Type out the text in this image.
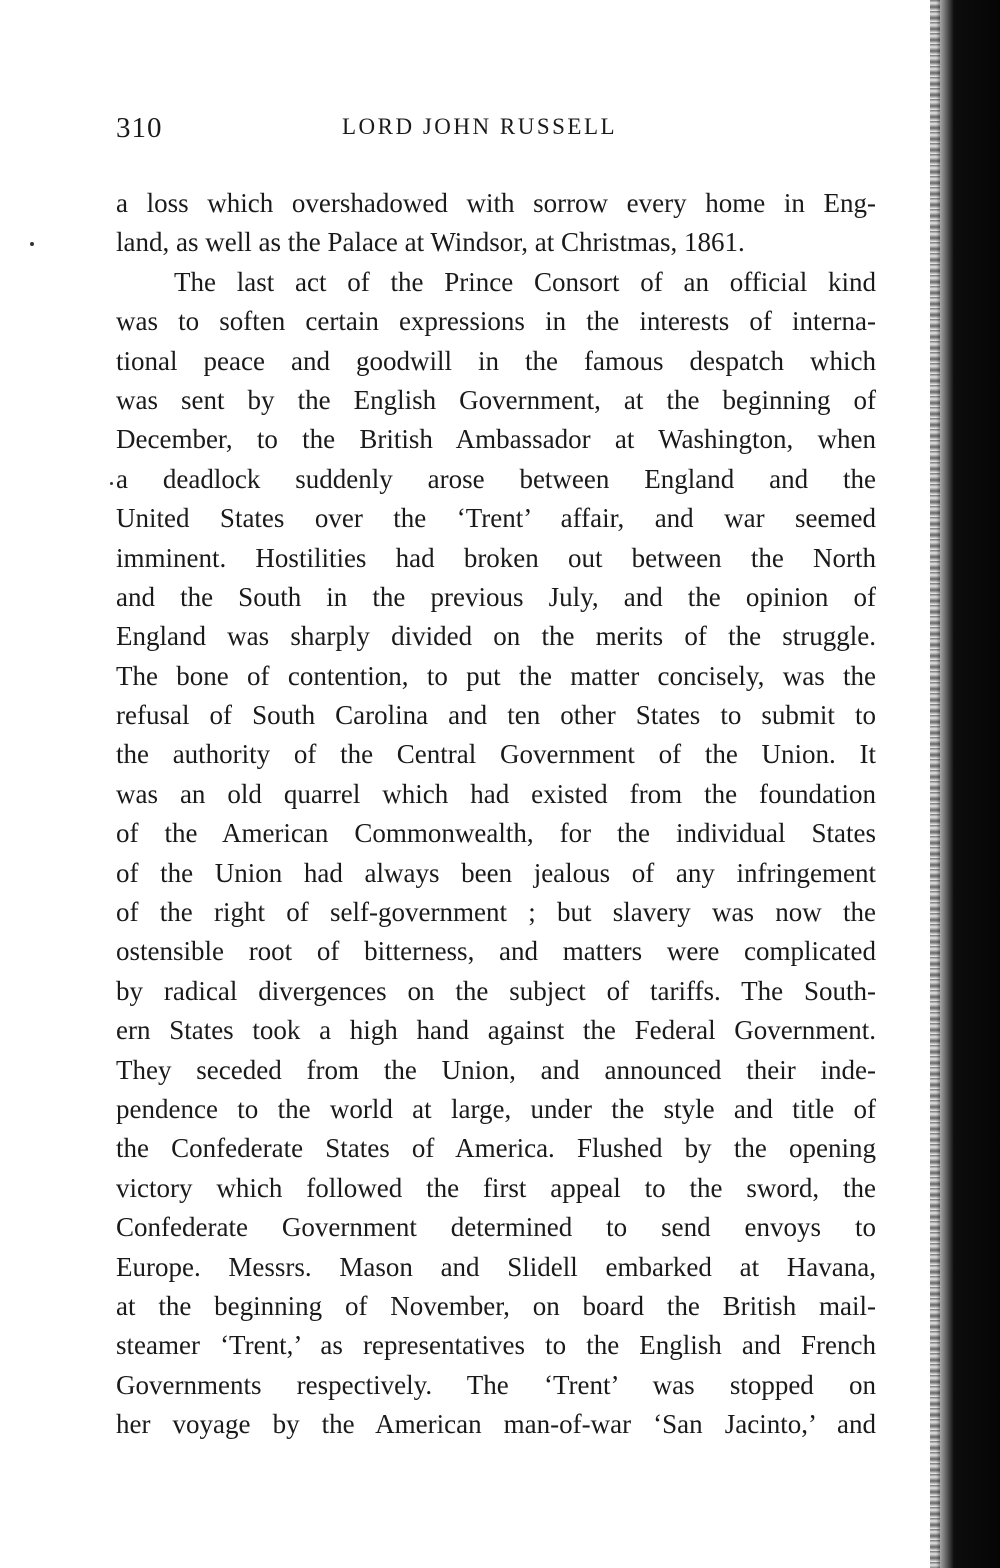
310	LORD JOHN RUSSELL
a loss which overshadowed with sorrow every home in Eng-
land, as well as the Palace at Windsor, at Christmas, 1861.
The last act of the Prince Consort of an official kind
was to soften certain expressions in the interests of interna-
tional peace and goodwill in the famous despatch which
was sent by the English Government, at the beginning of
December, to the British Ambassador at Washington, when
a deadlock suddenly arose between England and the
United States over the ‘Trent’ affair, and war seemed
imminent. Hostilities had broken out between the North
and the South in the previous July, and the opinion of
England was sharply divided on the merits of the struggle.
The bone of contention, to put the matter concisely, was the
refusal of South Carolina and ten other States to submit to
the authority of the Central Government of the Union. It
was an old quarrel which had existed from the foundation
of the American Commonwealth, for the individual States
of the Union had always been jealous of any infringement
of the right of self-government ; but slavery was now the
ostensible root of bitterness, and matters were complicated
by radical divergences on the subject of tariffs. The South-
ern States took a high hand against the Federal Government.
They seceded from the Union, and announced their inde-
pendence to the world at large, under the style and title of
the Confederate States of America. Flushed by the opening
victory which followed the first appeal to the sword, the
Confederate Government determined to send envoys to
Europe. Messrs. Mason and Slidell embarked at Havana,
at the beginning of November, on board the British mail-
steamer ‘Trent,’ as representatives to the English and French
Governments respectively. The ‘Trent’ was stopped on
her voyage by the American man-of-war ‘San Jacinto,’ and
